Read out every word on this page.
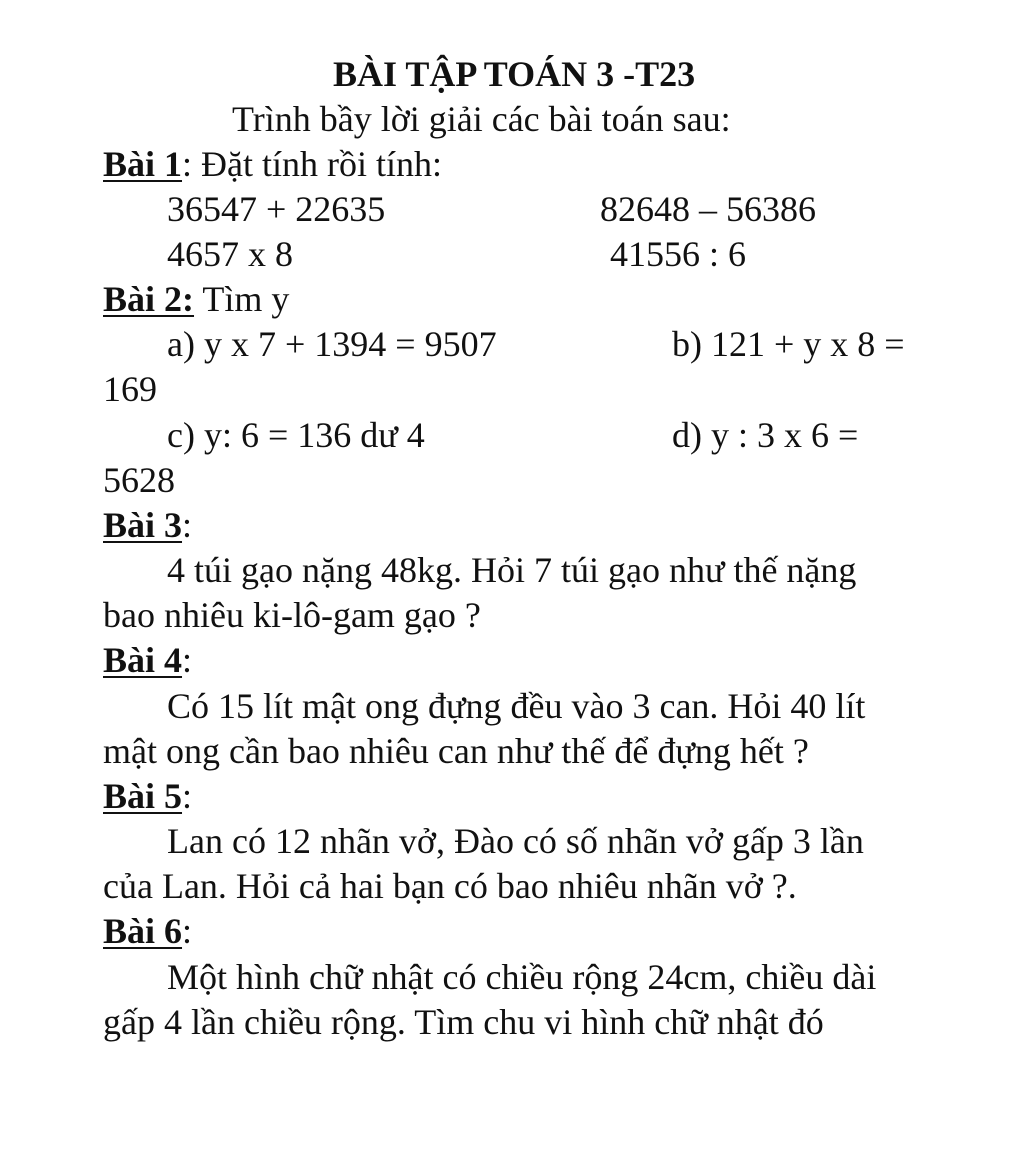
BÀI TẬP TOÁN 3 -T23
Trình bầy lời giải các bài toán sau:
Bài 1: Đặt tính rồi tính:
36547 + 22635	82648 – 56386
4657 x 8	41556 : 6
Bài 2: Tìm y
a) y x 7 + 1394 = 9507	b) 121 + y x 8 =
169
c) y: 6 = 136 dư 4	d) y : 3 x 6 =
5628
Bài 3:
4 túi gạo nặng 48kg. Hỏi 7 túi gạo như thế nặng
bao nhiêu ki-lô-gam gạo ?
Bài 4:
Có 15 lít mật ong đựng đều vào 3 can. Hỏi 40 lít
mật ong cần bao nhiêu can như thế để đựng hết ?
Bài 5:
Lan có 12 nhãn vở, Đào có số nhãn vở gấp 3 lần
của Lan. Hỏi cả hai bạn có bao nhiêu nhãn vở ?.
Bài 6:
Một hình chữ nhật có chiều rộng 24cm, chiều dài
gấp 4 lần chiều rộng. Tìm chu vi hình chữ nhật đó
